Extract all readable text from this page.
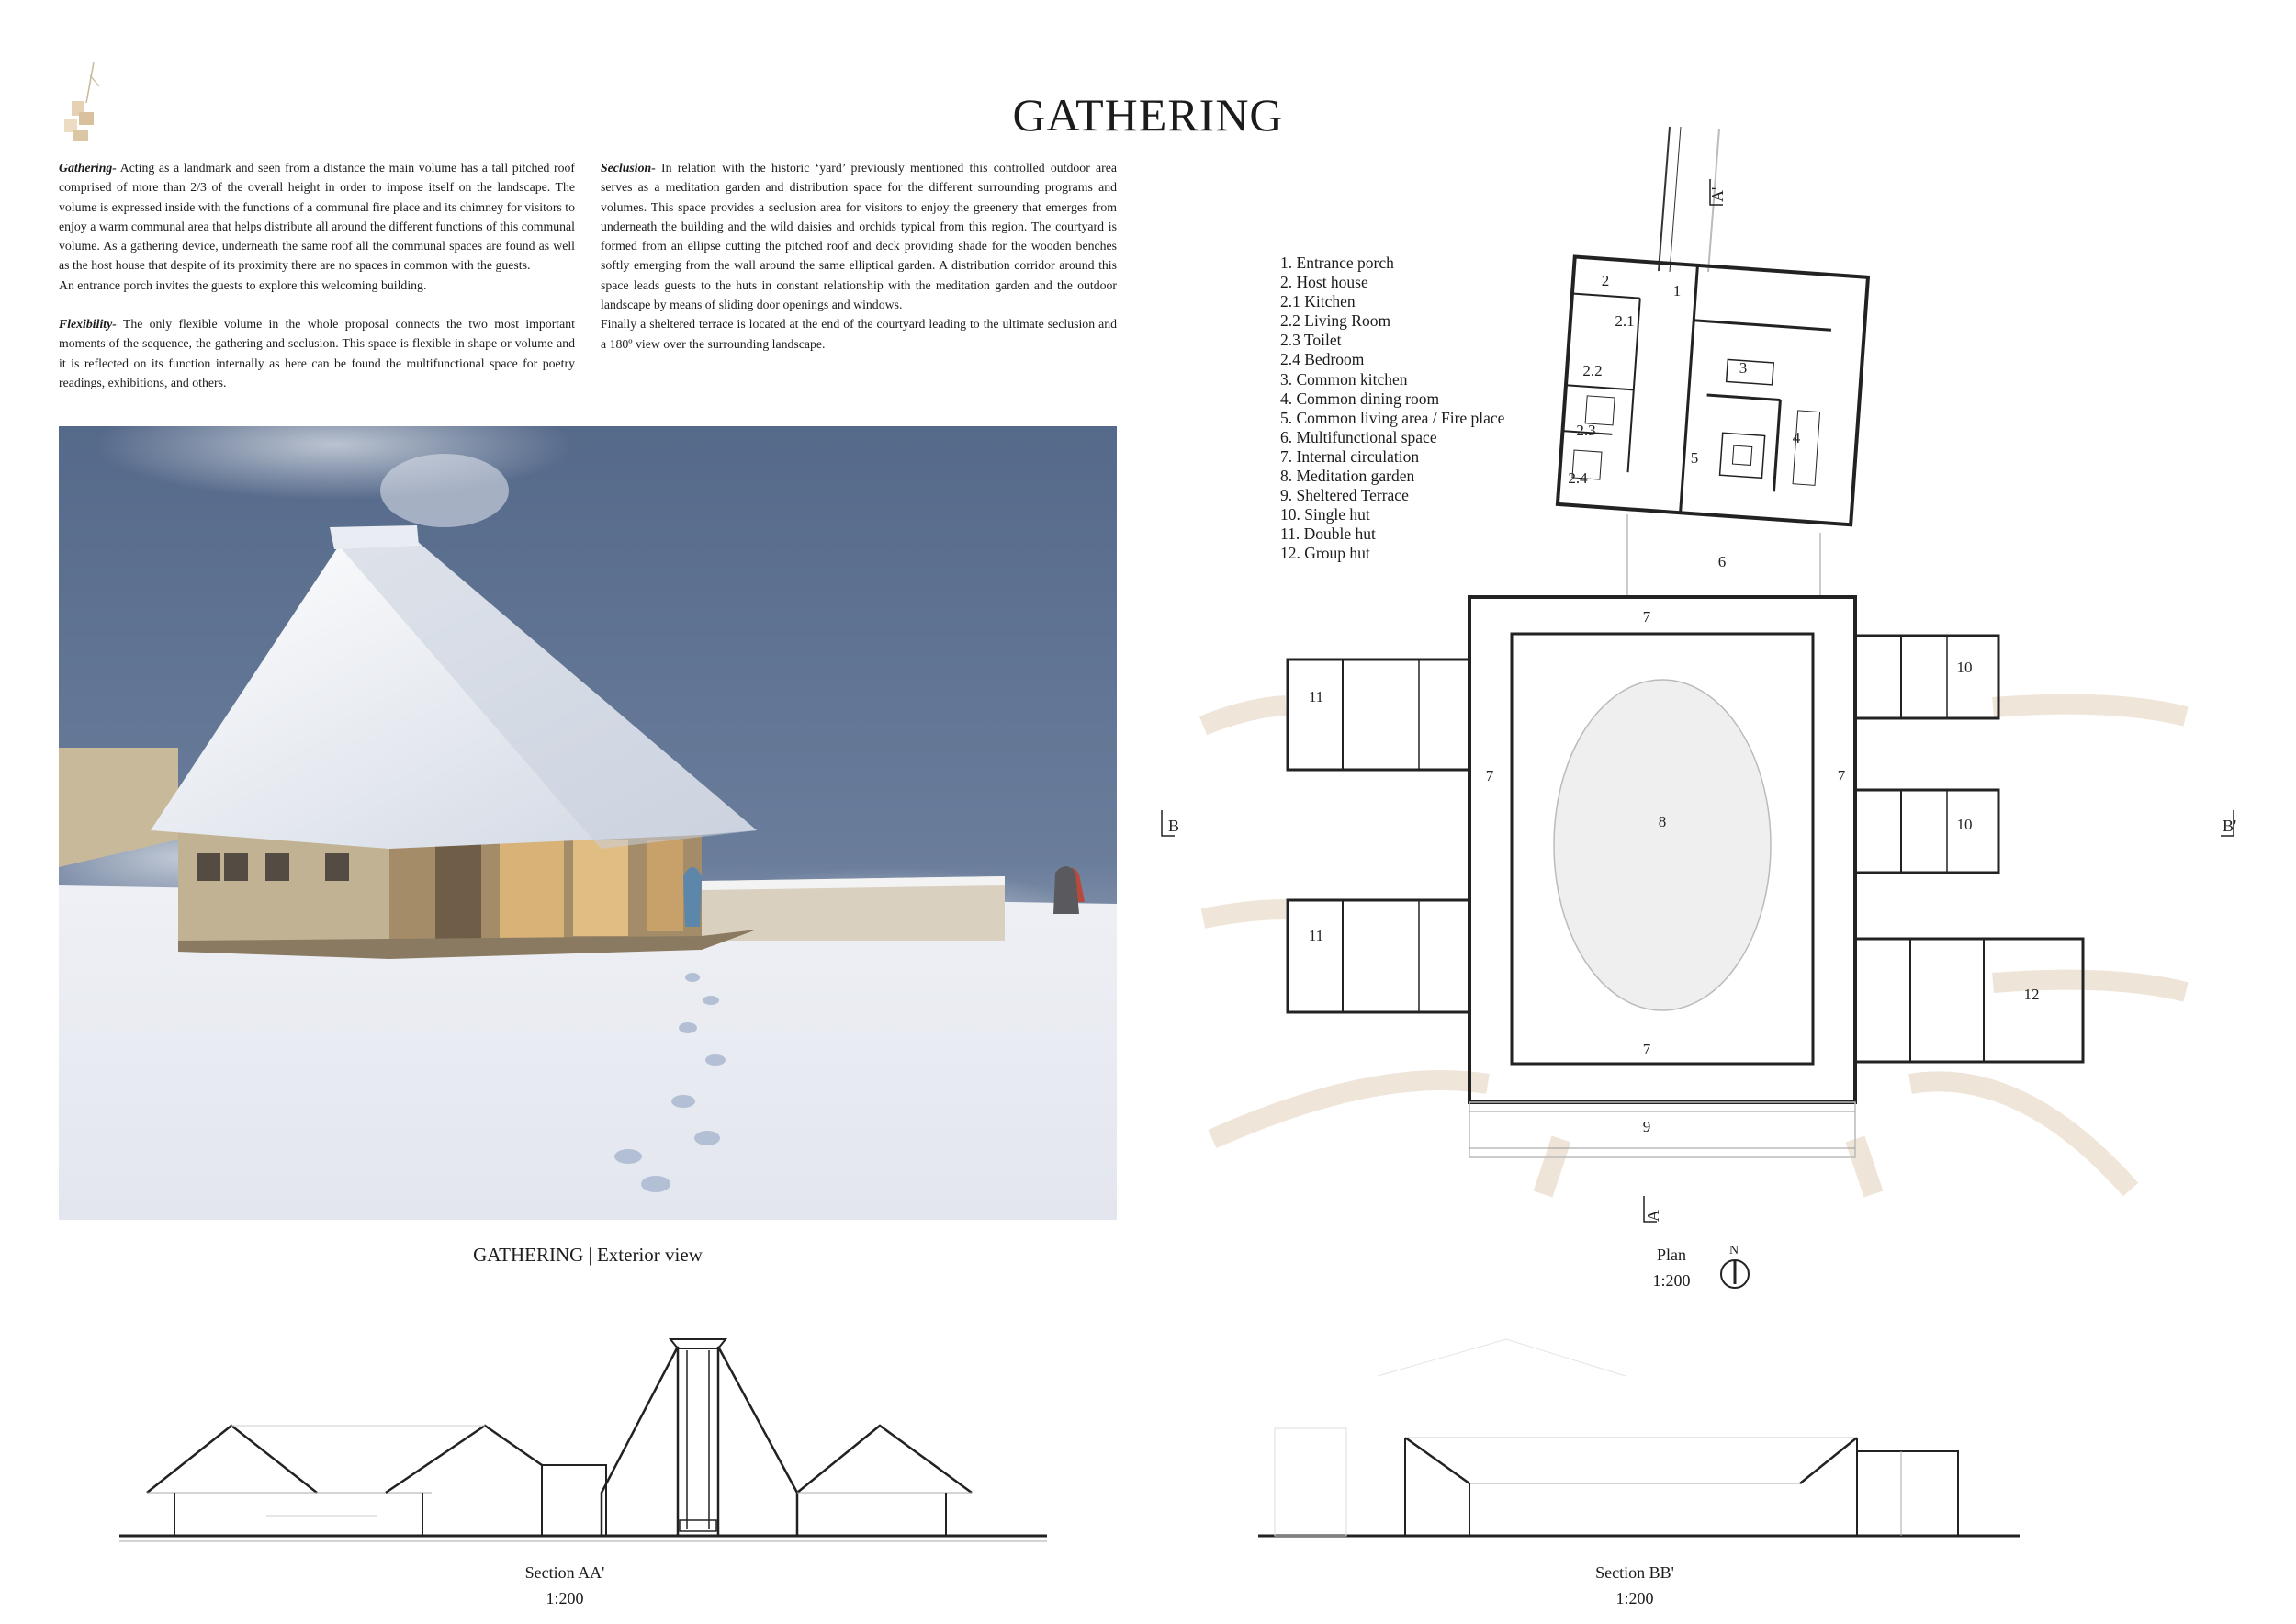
GATHERING

Gathering- Acting as a landmark and seen from a distance the main volume has a tall pitched roof comprised of more than 2/3 of the overall height in order to impose itself on the landscape. The volume is expressed inside with the functions of a communal fire place and its chimney for visitors to enjoy a warm communal area that helps distribute all around the different functions of this communal volume. As a gathering device, underneath the same roof all the communal spaces are found as well as the host house that despite of its proximity there are no spaces in common with the guests.

An entrance porch invites the guests to explore this welcoming building.

Flexibility- The only flexible volume in the whole proposal connects the two most important moments of the sequence, the gathering and seclusion. This space is flexible in shape or volume and it is reflected on its function internally as here can be found the multifunctional space for poetry readings, exhibitions, and others.

Seclusion- In relation with the historic ‘yard’ previously mentioned this controlled outdoor area serves as a meditation garden and distribution space for the different surrounding programs and volumes. This space provides a seclusion area for visitors to enjoy the greenery that emerges from underneath the building and the wild daisies and orchids typical from this region. The courtyard is formed from an ellipse cutting the pitched roof and deck providing shade for the wooden benches softly emerging from the wall around the same elliptical garden. A distribution corridor around this space leads guests to the huts in constant relationship with the meditation garden and the outdoor landscape by means of sliding door openings and windows.

Finally a sheltered terrace is located at the end of the courtyard leading to the ultimate seclusion and a 180º view over the surrounding landscape.

GATHERING | Exterior view
1. Entrance porch
2. Host house
2.1 Kitchen
2.2 Living Room
2.3 Toilet
2.4 Bedroom
3. Common kitchen
4. Common dining room
5. Common living area / Fire place
6. Multifunctional space
7. Internal circulation
8. Meditation garden
9. Sheltered Terrace
10. Single hut
11. Double hut
12. Group hut
1
2
2.1
2.2
2.3
2.4
3
4
5
6
7
7	7
7
8
9
10
10
11
11
12
A'
A
B	B'
Plan
1:200
N
Section AA'
1:200
Section BB'
1:200
